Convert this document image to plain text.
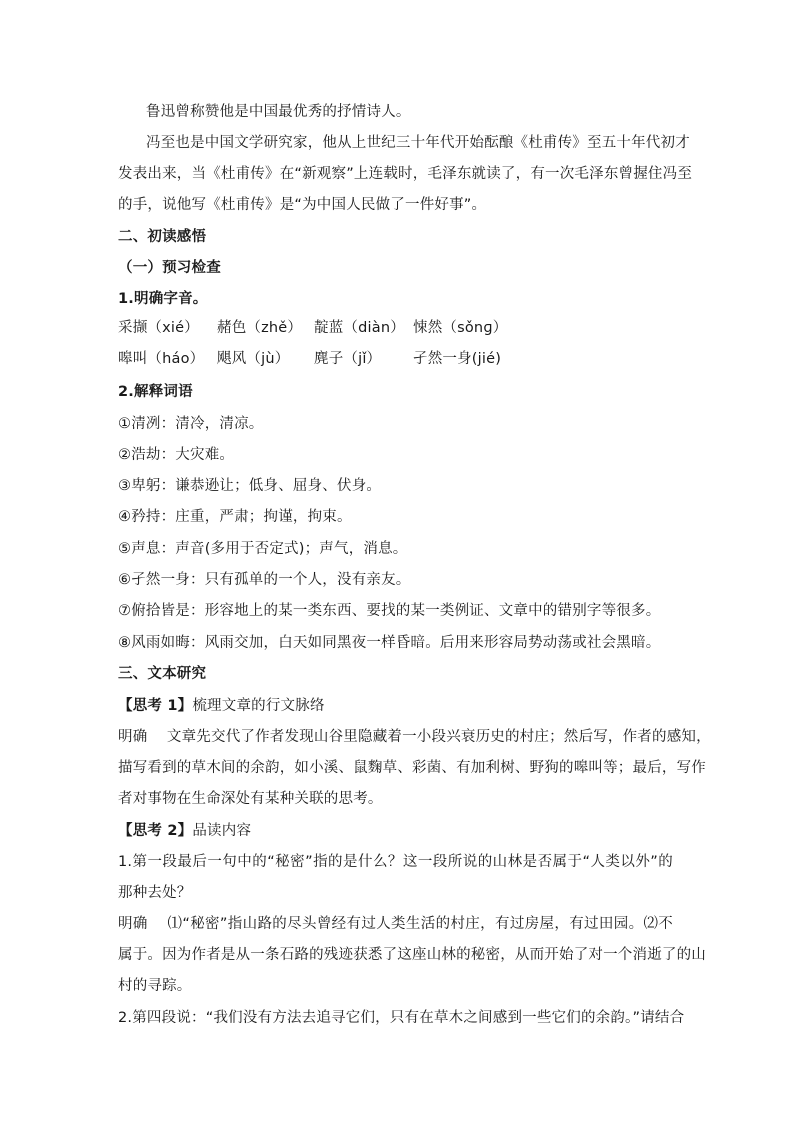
鲁迅曾称赞他是中国最优秀的抒情诗人。
冯至也是中国文学研究家，他从上世纪三十年代开始酝酿《杜甫传》至五十年代初才
发表出来，当《杜甫传》在“新观察”上连载时，毛泽东就读了，有一次毛泽东曾握住冯至
的手，说他写《杜甫传》是“为中国人民做了一件好事”。
二、初读感悟
（一）预习检查
1.明确字音。
采撷（xié） 赭色（zhě） 靛蓝（diàn） 悚然（sǒnɡ）
嗥叫（háo） 飓风（jù） 麂子（jǐ） 孑然一身(jié)
2.解释词语
①清冽：清冷，清凉。
②浩劫：大灾难。
③卑躬：谦恭逊让；低身、屈身、伏身。
④矜持：庄重，严肃；拘谨，拘束。
⑤声息：声音(多用于否定式)；声气，消息。
⑥孑然一身：只有孤单的一个人，没有亲友。
⑦俯拾皆是：形容地上的某一类东西、要找的某一类例证、文章中的错别字等很多。
⑧风雨如晦：风雨交加，白天如同黑夜一样昏暗。后用来形容局势动荡或社会黑暗。
三、文本研究
【思考 1】梳理文章的行文脉络
明确　 文章先交代了作者发现山谷里隐藏着一小段兴衰历史的村庄；然后写，作者的感知，
描写看到的草木间的余韵，如小溪、鼠麴草、彩菌、有加利树、野狗的嗥叫等；最后，写作
者对事物在生命深处有某种关联的思考。
【思考 2】品读内容
1.第一段最后一句中的“秘密”指的是什么？这一段所说的山林是否属于“人类以外”的
那种去处？
明确　 ⑴“秘密”指山路的尽头曾经有过人类生活的村庄，有过房屋，有过田园。⑵不
属于。因为作者是从一条石路的残迹获悉了这座山林的秘密，从而开始了对一个消逝了的山
村的寻踪。
2.第四段说：“我们没有方法去追寻它们，只有在草木之间感到一些它们的余韵。”请结合
